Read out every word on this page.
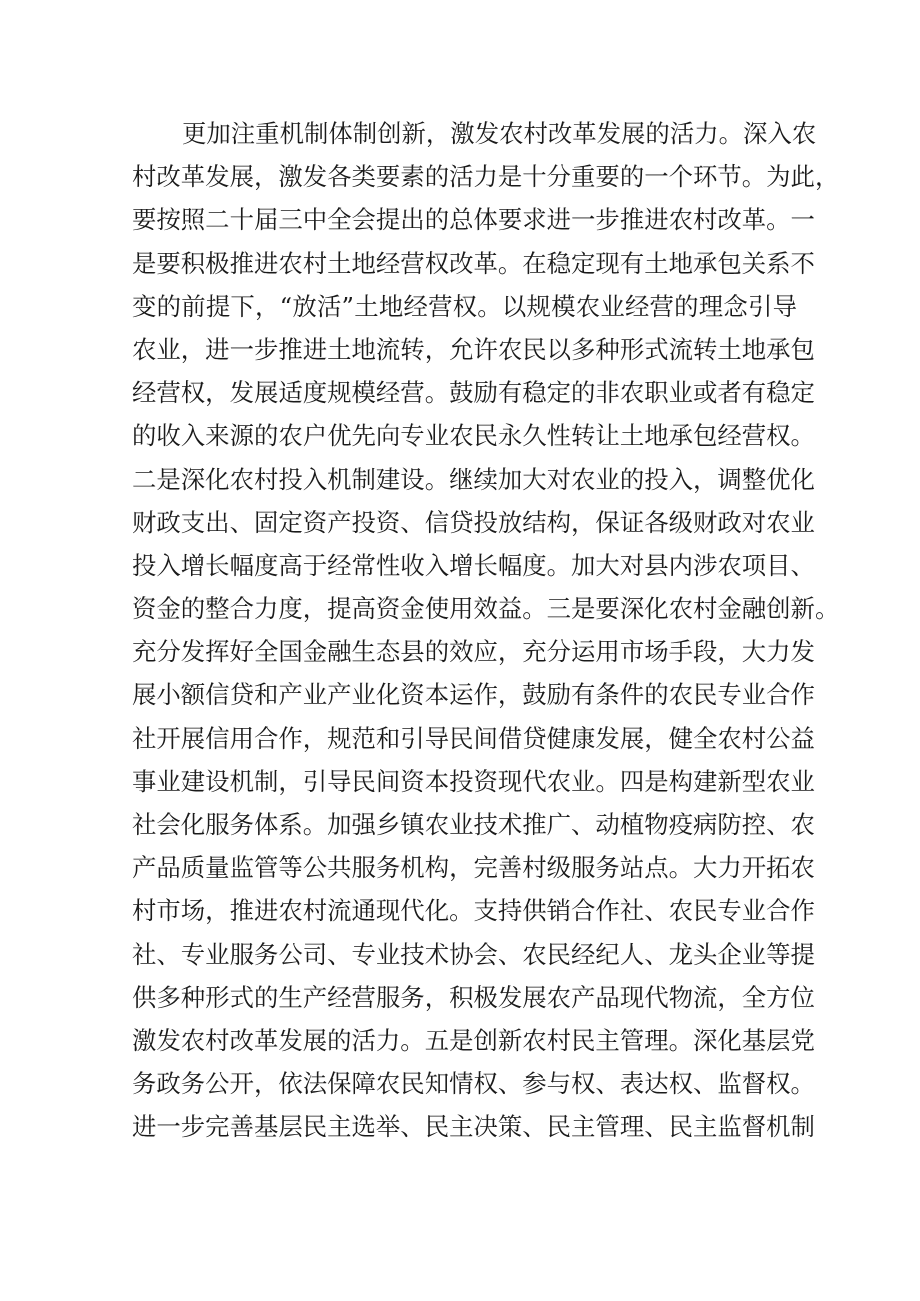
更加注重机制体制创新，激发农村改革发展的活力。深入农
村改革发展，激发各类要素的活力是十分重要的一个环节。为此，
要按照二十届三中全会提出的总体要求进一步推进农村改革。一
是要积极推进农村土地经营权改革。在稳定现有土地承包关系不
变的前提下，“放活”土地经营权。以规模农业经营的理念引导
农业，进一步推进土地流转，允许农民以多种形式流转土地承包
经营权，发展适度规模经营。鼓励有稳定的非农职业或者有稳定
的收入来源的农户优先向专业农民永久性转让土地承包经营权。
二是深化农村投入机制建设。继续加大对农业的投入，调整优化
财政支出、固定资产投资、信贷投放结构，保证各级财政对农业
投入增长幅度高于经常性收入增长幅度。加大对县内涉农项目、
资金的整合力度，提高资金使用效益。三是要深化农村金融创新。
充分发挥好全国金融生态县的效应，充分运用市场手段，大力发
展小额信贷和产业产业化资本运作，鼓励有条件的农民专业合作
社开展信用合作，规范和引导民间借贷健康发展，健全农村公益
事业建设机制，引导民间资本投资现代农业。四是构建新型农业
社会化服务体系。加强乡镇农业技术推广、动植物疫病防控、农
产品质量监管等公共服务机构，完善村级服务站点。大力开拓农
村市场，推进农村流通现代化。支持供销合作社、农民专业合作
社、专业服务公司、专业技术协会、农民经纪人、龙头企业等提
供多种形式的生产经营服务，积极发展农产品现代物流，全方位
激发农村改革发展的活力。五是创新农村民主管理。深化基层党
务政务公开，依法保障农民知情权、参与权、表达权、监督权。
进一步完善基层民主选举、民主决策、民主管理、民主监督机制
